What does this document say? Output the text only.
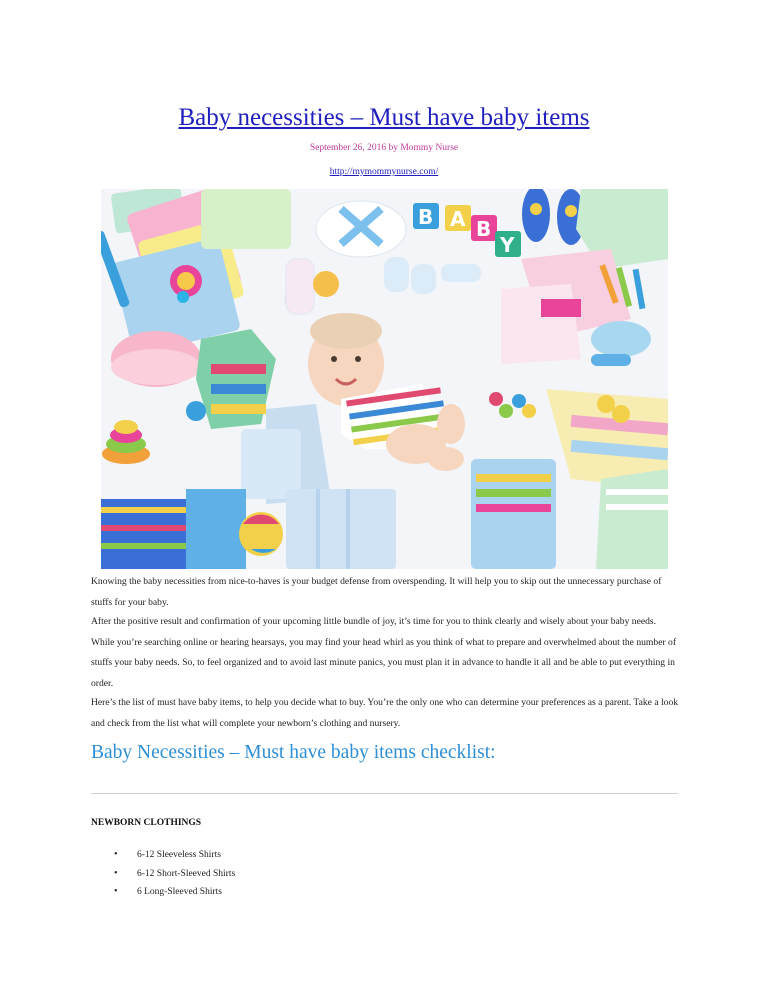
Baby necessities – Must have baby items
September 26, 2016 by Mommy Nurse
http://mymommynurse.com/
B A B
Y

Knowing the baby necessities from nice-to-haves is your budget defense from overspending. It will help you to skip out the unnecessary purchase of stuffs for your baby.

After the positive result and confirmation of your upcoming little bundle of joy, it’s time for you to think clearly and wisely about your baby needs. While you’re searching online or hearing hearsays, you may find your head whirl as you think of what to prepare and overwhelmed about the number of stuffs your baby needs. So, to feel organized and to avoid last minute panics, you must plan it in advance to handle it all and be able to put everything in order.

Here’s the list of must have baby items, to help you decide what to buy. You’re the only one who can determine your preferences as a parent. Take a look and check from the list what will complete your newborn’s clothing and nursery.

Baby Necessities – Must have baby items checklist:
NEWBORN CLOTHINGS
• 6-12 Sleeveless Shirts
• 6-12 Short-Sleeved Shirts
• 6 Long-Sleeved Shirts
